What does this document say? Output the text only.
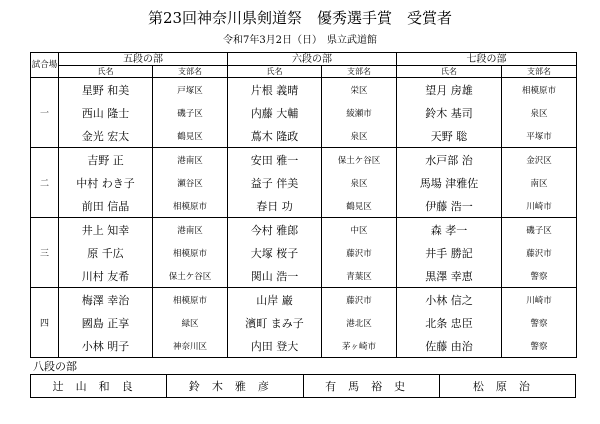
第23回神奈川県剣道祭　優秀選手賞　受賞者
令和7年3月2日（日）　県立武道館
試合場	五段の部		六段の部		七段の部	
	氏名	支部名	氏名	支部名	氏名	支部名
一	星野 和美	戸塚区	片根 義晴	栄区	望月 房雄	相模原市
	西山 隆士	磯子区	内藤 大輔	綾瀬市	鈴木 基司	泉区
	金光 宏太	鶴見区	蔦木 隆政	泉区	天野 聡	平塚市
二	吉野 正	港南区	安田 雅一	保土ケ谷区	水戸部 治	金沢区
	中村 わき子	瀬谷区	益子 伴美	泉区	馬場 津雅佐	南区
	前田 信晶	相模原市	春日 功	鶴見区	伊藤 浩一	川崎市
三	井上 知幸	港南区	今村 雅郎	中区	森 孝一	磯子区
	原 千広	相模原市	大塚 桜子	藤沢市	井手 勝記	藤沢市
	川村 友希	保土ケ谷区	関山 浩一	青葉区	黒澤 幸恵	警察
四	梅澤 幸治	相模原市	山岸 巌	藤沢市	小林 信之	川崎市
	國島 正享	緑区	濱町 まみ子	港北区	北条 忠臣	警察
	小林 明子	神奈川区	内田 登大	茅ヶ崎市	佐藤 由治	警察
八段の部
辻山和良	鈴木雅彦	有馬裕史	松原治
